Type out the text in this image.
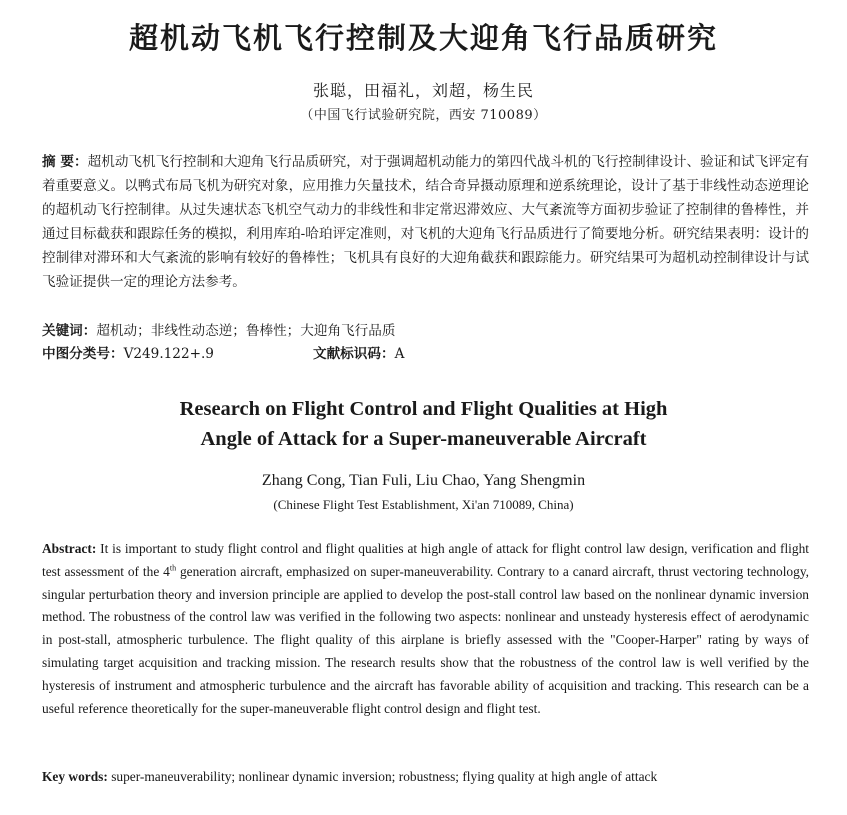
超机动飞机飞行控制及大迎角飞行品质研究
张聪，田福礼，刘超，杨生民
（中国飞行试验研究院，西安 710089）
摘 要：超机动飞机飞行控制和大迎角飞行品质研究，对于强调超机动能力的第四代战斗机的飞行控制律设计、验证和试飞评定有着重要意义。以鸭式布局飞机为研究对象，应用推力矢量技术，结合奇异摄动原理和逆系统理论，设计了基于非线性动态逆理论的超机动飞行控制律。从过失速状态飞机空气动力的非线性和非定常迟滞效应、大气紊流等方面初步验证了控制律的鲁棒性，并通过目标截获和跟踪任务的模拟，利用库珀-哈珀评定准则，对飞机的大迎角飞行品质进行了简要地分析。研究结果表明：设计的控制律对滞环和大气紊流的影响有较好的鲁棒性；飞机具有良好的大迎角截获和跟踪能力。研究结果可为超机动控制律设计与试飞验证提供一定的理论方法参考。
关键词：超机动；非线性动态逆；鲁棒性；大迎角飞行品质
中图分类号：V249.122+.9	文献标识码：A
Research on Flight Control and Flight Qualities at High
Angle of Attack for a Super-maneuverable Aircraft
Zhang Cong, Tian Fuli, Liu Chao, Yang Shengmin
(Chinese Flight Test Establishment, Xi'an 710089, China)
Abstract: It is important to study flight control and flight qualities at high angle of attack for flight control law design, verification and flight test assessment of the 4th generation aircraft, emphasized on super-maneuverability. Contrary to a canard aircraft, thrust vectoring technology, singular perturbation theory and inversion principle are applied to develop the post-stall control law based on the nonlinear dynamic inversion method. The robustness of the control law was verified in the following two aspects: nonlinear and unsteady hysteresis effect of aerodynamic in post-stall, atmospheric turbulence. The flight quality of this airplane is briefly assessed with the "Cooper-Harper" rating by ways of simulating target acquisition and tracking mission. The research results show that the robustness of the control law is well verified by the hysteresis of instrument and atmospheric turbulence and the aircraft has favorable ability of acquisition and tracking. This research can be a useful reference theoretically for the super-maneuverable flight control design and flight test.
Key words: super-maneuverability; nonlinear dynamic inversion; robustness; flying quality at high angle of attack
